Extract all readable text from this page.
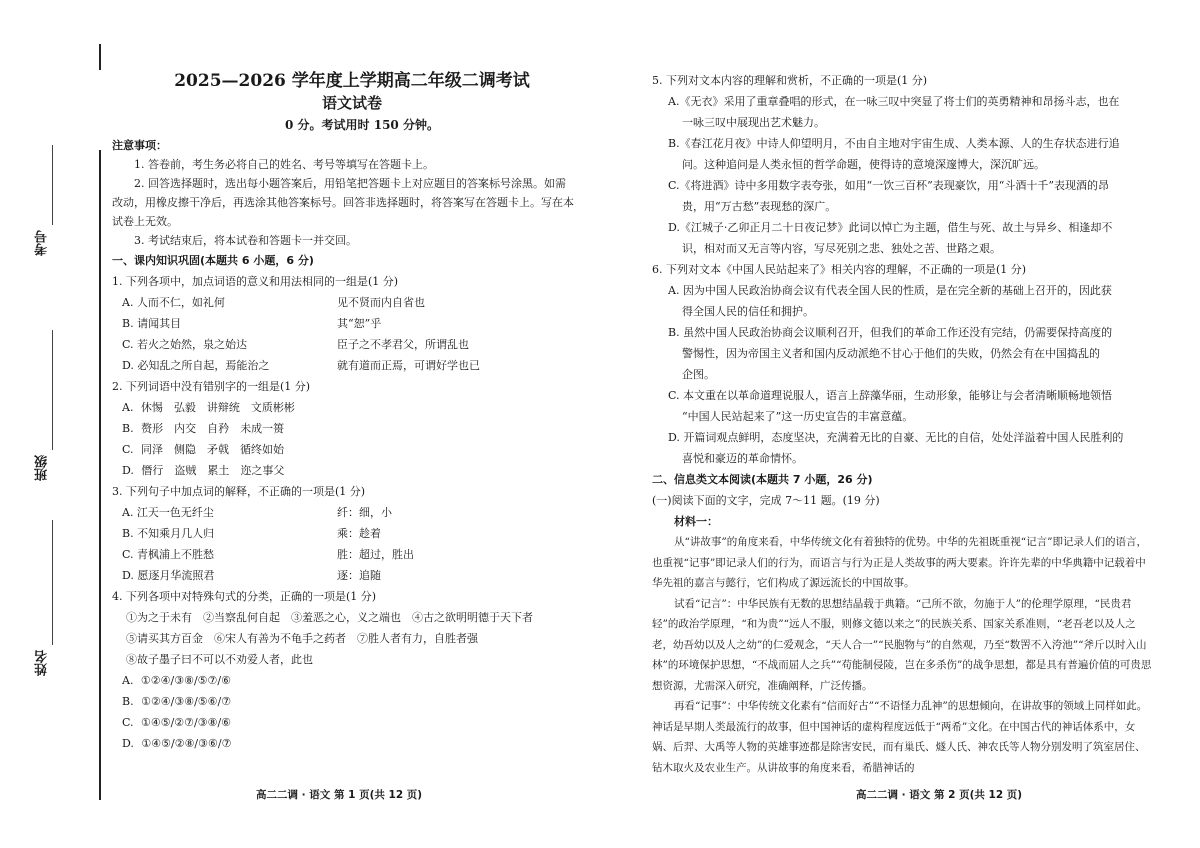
考号
班级
姓名
2025—2026 学年度上学期高二年级二调考试
语文试卷
0 分。考试用时 150 分钟。
注意事项：
1. 答卷前，考生务必将自己的姓名、考号等填写在答题卡上。
2. 回答选择题时，选出每小题答案后，用铅笔把答题卡上对应题目的答案标号涂黑。如需
改动，用橡皮擦干净后，再选涂其他答案标号。回答非选择题时，将答案写在答题卡上。写在本
试卷上无效。
3. 考试结束后，将本试卷和答题卡一并交回。
一、课内知识巩固(本题共 6 小题，6 分)
1. 下列各项中，加点词语的意义和用法相同的一组是(1 分)
A. 人而不仁，如礼何	见不贤而内自省也
B. 请闻其目	其“恕”乎
C. 若火之始然，泉之始达	臣子之不孝君父，所谓乱也
D. 必知乱之所自起，焉能治之	就有道而正焉，可谓好学也已
2. 下列词语中没有错别字的一组是(1 分)
A. 休惕　弘毅　讲辩统　文质彬彬
B. 赘形　内交　自矜　未成一篑
C. 同泽　侧隐　矛戟　循终如始
D. 僭行　盗贼　累土　迩之事父
3. 下列句子中加点词的解释，不正确的一项是(1 分)
A. 江天一色无纤尘	纤：细，小
B. 不知乘月几人归	乘：趁着
C. 青枫浦上不胜愁	胜：超过，胜出
D. 愿逐月华流照君	逐：追随
4. 下列各项中对特殊句式的分类，正确的一项是(1 分)
①为之于未有　②当察乱何自起　③羞恶之心，义之端也　④古之欲明明德于天下者
⑤请买其方百金　⑥宋人有善为不龟手之药者　⑦胜人者有力，自胜者强
⑧故子墨子曰不可以不劝爱人者，此也
A. ①②④/③⑧/⑤⑦/⑥
B. ①②④/③⑧/⑤⑥/⑦
C. ①④⑤/②⑦/③⑧/⑥
D. ①④⑤/②⑧/③⑥/⑦
5. 下列对文本内容的理解和赏析，不正确的一项是(1 分)
A.《无衣》采用了重章叠唱的形式，在一咏三叹中突显了将士们的英勇精神和昂扬斗志，也在
一咏三叹中展现出艺术魅力。
B.《春江花月夜》中诗人仰望明月，不由自主地对宇宙生成、人类本源、人的生存状态进行追
问。这种追问是人类永恒的哲学命题，使得诗的意境深邃博大，深沉旷远。
C.《将进酒》诗中多用数字表夸张，如用“一饮三百杯”表现豪饮，用“斗酒十千”表现酒的昂
贵，用“万古愁”表现愁的深广。
D.《江城子·乙卯正月二十日夜记梦》此词以悼亡为主题，借生与死、故土与异乡、相逢却不
识，相对而又无言等内容，写尽死别之悲、独处之苦、世路之艰。
6. 下列对文本《中国人民站起来了》相关内容的理解，不正确的一项是(1 分)
A. 因为中国人民政治协商会议有代表全国人民的性质，是在完全新的基础上召开的，因此获
得全国人民的信任和拥护。
B. 虽然中国人民政治协商会议顺利召开，但我们的革命工作还没有完结，仍需要保持高度的
警惕性，因为帝国主义者和国内反动派绝不甘心于他们的失败，仍然会有在中国捣乱的
企图。
C. 本文重在以革命道理说服人，语言上辞藻华丽，生动形象，能够让与会者清晰顺畅地领悟
“中国人民站起来了”这一历史宣告的丰富意蕴。
D. 开篇词观点鲜明，态度坚决，充满着无比的自豪、无比的自信，处处洋溢着中国人民胜利的
喜悦和豪迈的革命情怀。
二、信息类文本阅读(本题共 7 小题，26 分)
(一)阅读下面的文字，完成 7～11 题。(19 分)
材料一：
从“讲故事”的角度来看，中华传统文化有着独特的优势。中华的先祖既重视“记言”即记录人们的语言，也重视“记事”即记录人们的行为，而语言与行为正是人类故事的两大要素。许许先辈的中华典籍中记载着中华先祖的嘉言与懿行，它们构成了源远流长的中国故事。
试看“记言”：中华民族有无数的思想结晶载于典籍。“己所不欲，勿施于人”的伦理学原理，“民贵君轻”的政治学原理，“和为贵”“远人不服，则修文德以来之”的民族关系、国家关系准则，“老吾老以及人之老，幼吾幼以及人之幼”的仁爱观念，“天人合一”“民胞物与”的自然观，乃至“数罟不入洿池”“斧斤以时入山林”的环境保护思想，“不战而屈人之兵”“苟能制侵陵，岂在多杀伤”的战争思想，都是具有普遍价值的可贵思想资源，尤需深入研究，准确阐释，广泛传播。
再看“记事”：中华传统文化素有“信而好古”“不语怪力乱神”的思想倾向，在讲故事的领域上同样如此。神话是早期人类最流行的故事，但中国神话的虚构程度远低于“两希”文化。在中国古代的神话体系中，女娲、后羿、大禹等人物的英雄事迹都是除害安民，而有巢氏、燧人氏、神农氏等人物分别发明了筑室居住、钻木取火及农业生产。从讲故事的角度来看，希腊神话的
高二二调 · 语文 第 1 页(共 12 页)	高二二调 · 语文 第 2 页(共 12 页)
